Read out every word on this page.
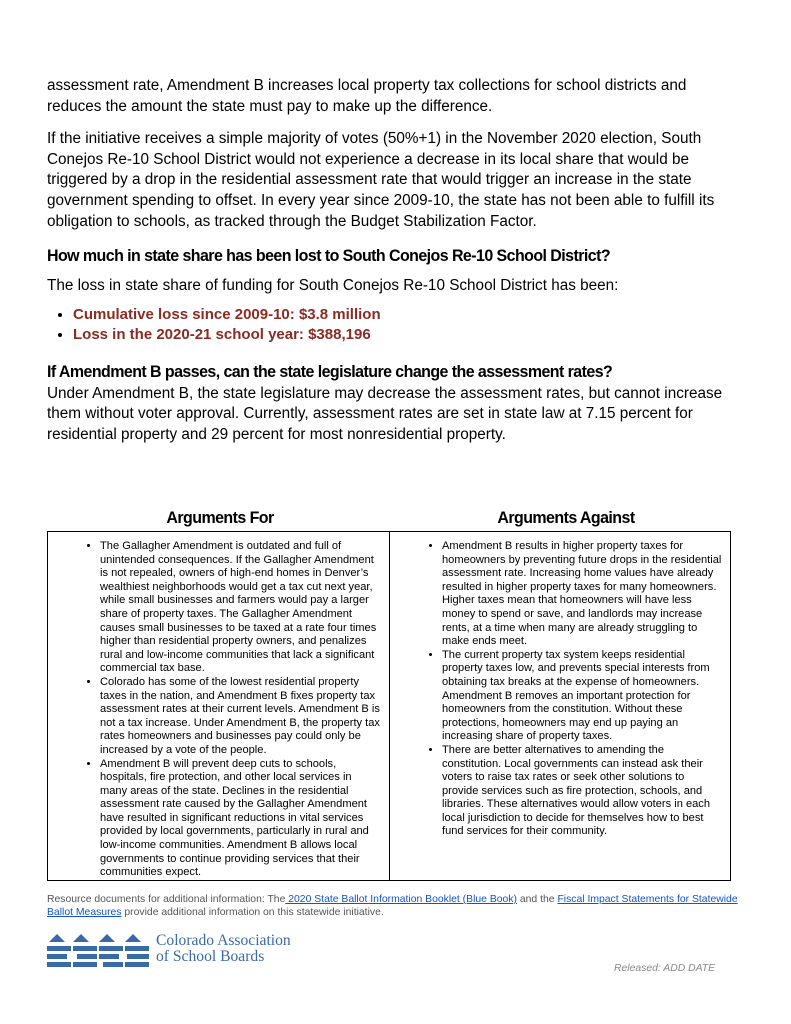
assessment rate, Amendment B increases local property tax collections for school districts and reduces the amount the state must pay to make up the difference.

If the initiative receives a simple majority of votes (50%+1) in the November 2020 election, South Conejos Re-10 School District would not experience a decrease in its local share that would be triggered by a drop in the residential assessment rate that would trigger an increase in the state government spending to offset. In every year since 2009-10, the state has not been able to fulfill its obligation to schools, as tracked through the Budget Stabilization Factor.

How much in state share has been lost to South Conejos Re-10 School District?

The loss in state share of funding for South Conejos Re-10 School District has been:

• Cumulative loss since 2009-10: $3.8 million
• Loss in the 2020-21 school year: $388,196
If Amendment B passes, can the state legislature change the assessment rates?

Under Amendment B, the state legislature may decrease the assessment rates, but cannot increase them without voter approval. Currently, assessment rates are set in state law at 7.15 percent for residential property and 29 percent for most nonresidential property.

Arguments For	Arguments Against
• The Gallagher Amendment is outdated and full of unintended consequences. If the Gallagher Amendment is not repealed, owners of high-end homes in Denver’s wealthiest neighborhoods would get a tax cut next year, while small businesses and farmers would pay a larger share of property taxes. The Gallagher Amendment causes small businesses to be taxed at a rate four times higher than residential property owners, and penalizes rural and low-income communities that lack a significant commercial tax base.
• Colorado has some of the lowest residential property taxes in the nation, and Amendment B fixes property tax assessment rates at their current levels. Amendment B is not a tax increase. Under Amendment B, the property tax rates homeowners and businesses pay could only be increased by a vote of the people.
• Amendment B will prevent deep cuts to schools, hospitals, fire protection, and other local services in many areas of the state. Declines in the residential assessment rate caused by the Gallagher Amendment have resulted in significant reductions in vital services provided by local governments, particularly in rural and low-income communities. Amendment B allows local governments to continue providing services that their communities expect.
• Amendment B results in higher property taxes for homeowners by preventing future drops in the residential assessment rate. Increasing home values have already resulted in higher property taxes for many homeowners. Higher taxes mean that homeowners will have less money to spend or save, and landlords may increase rents, at a time when many are already struggling to make ends meet.
• The current property tax system keeps residential property taxes low, and prevents special interests from obtaining tax breaks at the expense of homeowners. Amendment B removes an important protection for homeowners from the constitution. Without these protections, homeowners may end up paying an increasing share of property taxes.
• There are better alternatives to amending the constitution. Local governments can instead ask their voters to raise tax rates or seek other solutions to provide services such as fire protection, schools, and libraries. These alternatives would allow voters in each local jurisdiction to decide for themselves how to best fund services for their community.
Resource documents for additional information: The 2020 State Ballot Information Booklet (Blue Book) and the Fiscal Impact Statements for Statewide Ballot Measures provide additional information on this statewide initiative.
Colorado Association
of School Boards
Released: ADD DATE
